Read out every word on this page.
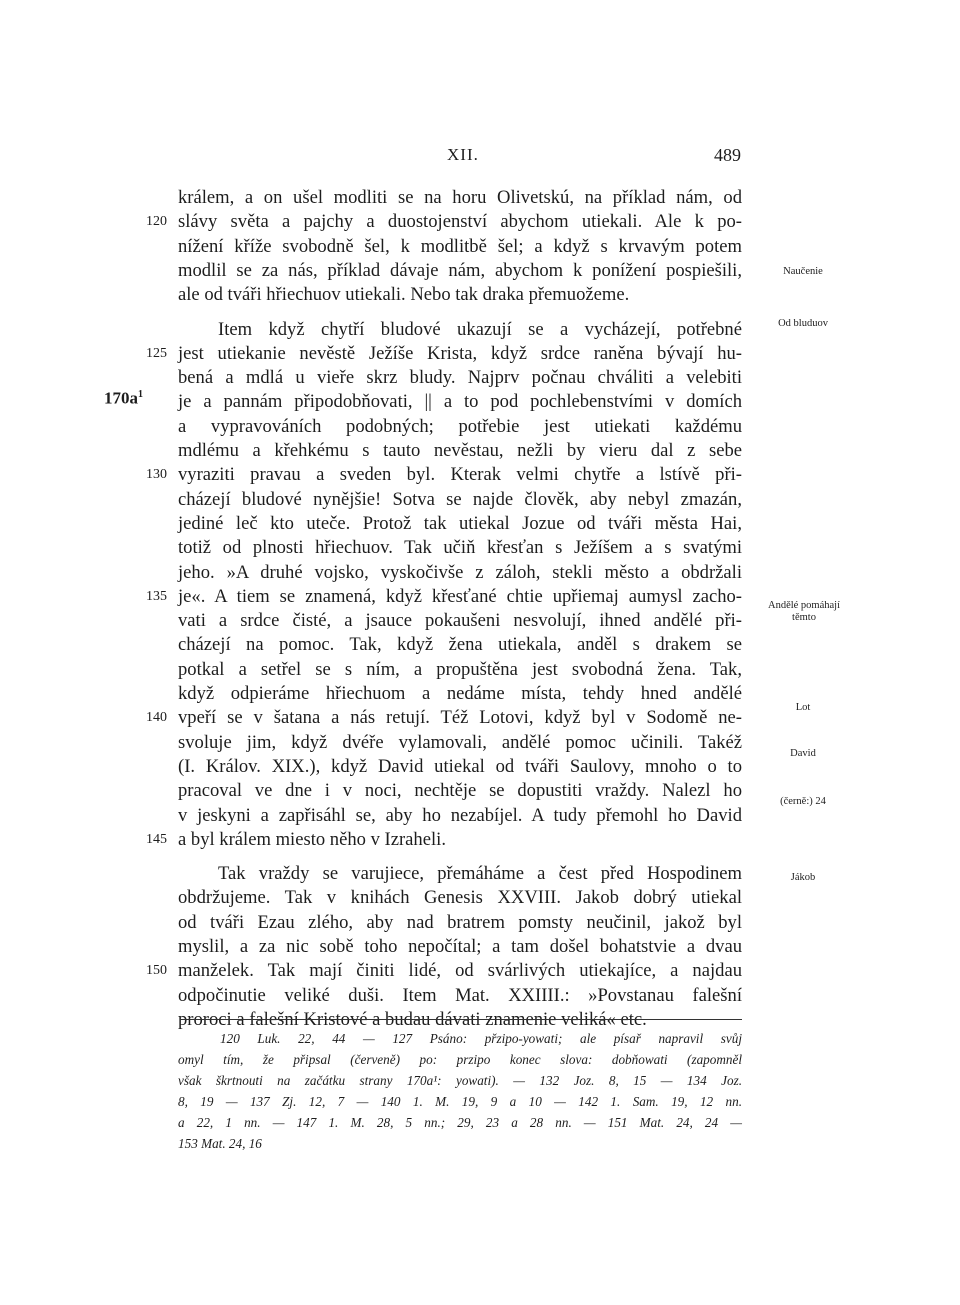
XII.	489
králem, a on ušel modliti se na horu Olivetskú, na příklad nám, od
120 slávy světa a pajchy a duostojenství abychom utiekali. Ale k po-
nížení kříže svobodně šel, k modlitbě šel; a když s krvavým potem
modlil se za nás, příklad dávaje nám, abychom k ponížení pospiešili,
ale od tváři hřiechuov utiekali. Nebo tak draka přemuožeme.
Item když chytří bludové ukazují se a vycházejí, potřebné
125 jest utiekanie nevěstě Ježíše Krista, když srdce raněna bývají hu-
bená a mdlá u vieře skrz bludy. Najprv počnau chváliti a velebiti
je a pannám připodobňovati, || a to pod pochlebenstvími v domích
a vypravováních podobných; potřebie jest utiekati každému
mdlému a křehkému s tauto nevěstau, nežli by vieru dal z sebe
130 vyraziti pravau a sveden byl. Kterak velmi chytře a lstívě při-
cházejí bludové nynějšie! Sotva se najde člověk, aby nebyl zmazán,
jediné leč kto uteče. Protož tak utiekal Jozue od tváři města Hai,
totiž od plnosti hřiechuov. Tak učiň křesťan s Ježíšem a s svatými
jeho. »A druhé vojsko, vyskočivše z záloh, stekli město a obdržali
135 je«. A tiem se znamená, když křesťané chtie upřiemaj aumysl zacho-
vati a srdce čisté, a jsauce pokaušeni nesvolují, ihned andělé při-
cházejí na pomoc. Tak, když žena utiekala, anděl s drakem se
potkal a setřel se s ním, a propuštěna jest svobodná žena. Tak,
když odpieráme hřiechuom a nedáme místa, tehdy hned andělé
140 vpeří se v šatana a nás retují. Též Lotovi, když byl v Sodomě ne-
svoluje jim, když dvéře vylamovali, andělé pomoc učinili. Takéž
(I. Králov. XIX.), když David utiekal od tváři Saulovy, mnoho o to
pracoval ve dne i v noci, nechtěje se dopustiti vraždy. Nalezl ho
v jeskyni a zapřisáhl se, aby ho nezabíjel. A tudy přemohl ho David
145 a byl králem miesto něho v Izraheli.
Tak vraždy se varujiece, přemáháme a čest před Hospodinem
obdržujeme. Tak v knihách Genesis XXVIII. Jakob dobrý utiekal
od tváři Ezau zlého, aby nad bratrem pomsty neučinil, jakož byl
myslil, a za nic sobě toho nepočítal; a tam došel bohatstvie a dvau
150 manželek. Tak mají činiti lidé, od svárlivých utiekajíce, a najdau
odpočinutie veliké duši. Item Mat. XXIIII.: »Povstanau falešní
proroci a falešní Kristové a budau dávati znamenie veliká« etc.
$170a^1$
Naučenie
Od bluduov
Andělé pomáhají těmto
Lot
David
(černě:) 24
Jákob
120 Luk. 22, 44 — 127 Psáno: přzipo-yowati; ale písař napravil svůj
omyl tím, že připsal (červeně) po: przipo konec slova: dobňowati (zapomněl
však škrtnouti na začátku strany 170a¹: yowati). — 132 Joz. 8, 15 — 134 Joz.
8, 19 — 137 Zj. 12, 7 — 140 1. M. 19, 9 a 10 — 142 1. Sam. 19, 12 nn.
a 22, 1 nn. — 147 1. M. 28, 5 nn.; 29, 23 a 28 nn. — 151 Mat. 24, 24 —
153 Mat. 24, 16
